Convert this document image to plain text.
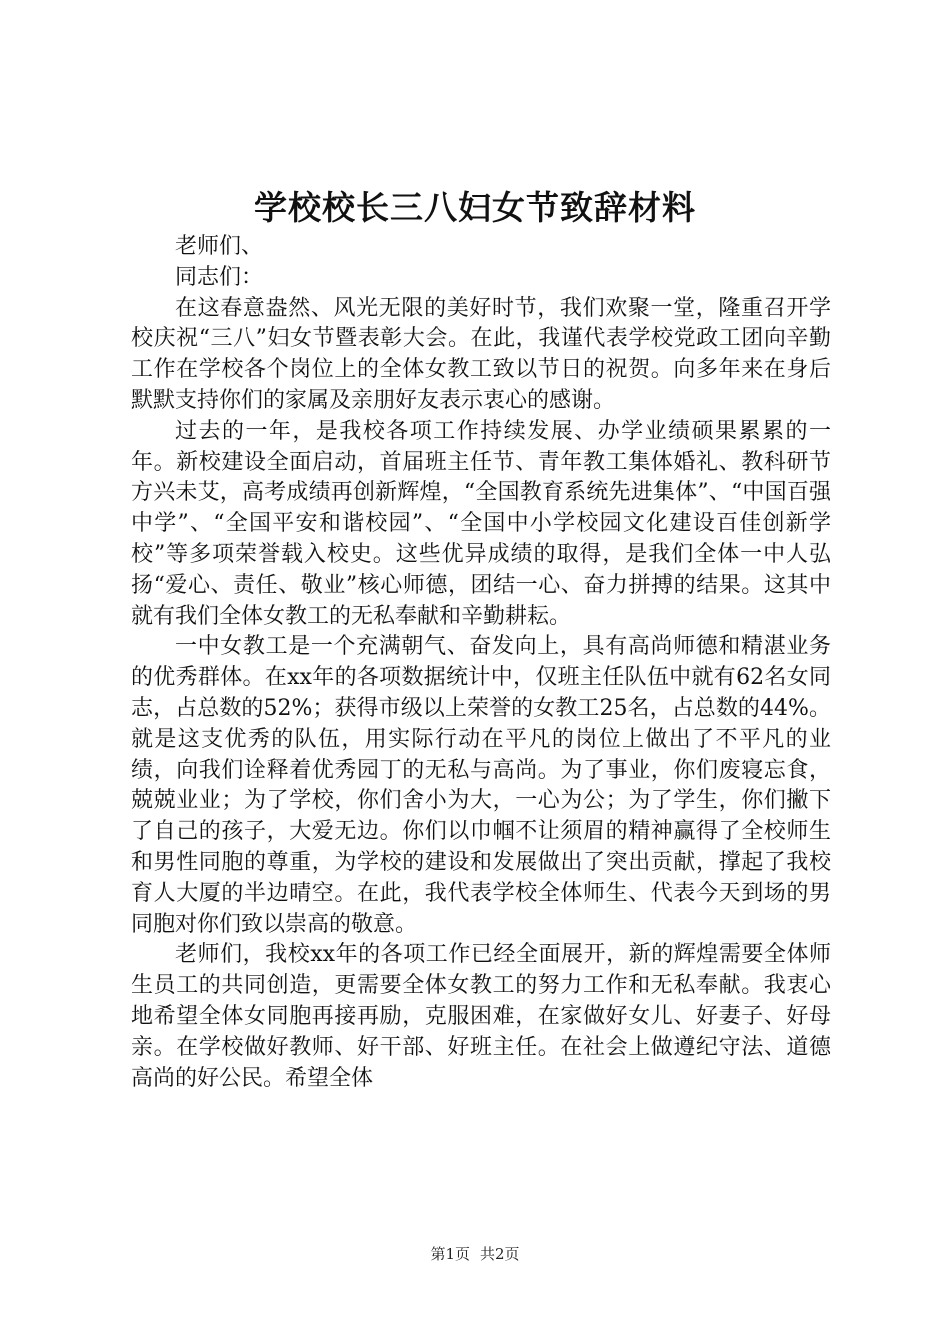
学校校长三八妇女节致辞材料

老师们、

同志们：

在这春意盎然、风光无限的美好时节，我们欢聚一堂，隆重召开学校庆祝“三八”妇女节暨表彰大会。在此，我谨代表学校党政工团向辛勤工作在学校各个岗位上的全体女教工致以节日的祝贺。向多年来在身后默默支持你们的家属及亲朋好友表示衷心的感谢。

过去的一年，是我校各项工作持续发展、办学业绩硕果累累的一年。新校建设全面启动，首届班主任节、青年教工集体婚礼、教科研节方兴未艾，高考成绩再创新辉煌，“全国教育系统先进集体”、“中国百强中学”、“全国平安和谐校园”、“全国中小学校园文化建设百佳创新学校”等多项荣誉载入校史。这些优异成绩的取得，是我们全体一中人弘扬“爱心、责任、敬业”核心师德，团结一心、奋力拼搏的结果。这其中就有我们全体女教工的无私奉献和辛勤耕耘。

一中女教工是一个充满朝气、奋发向上，具有高尚师德和精湛业务的优秀群体。在xx年的各项数据统计中，仅班主任队伍中就有62名女同志，占总数的52%；获得市级以上荣誉的女教工25名，占总数的44%。就是这支优秀的队伍，用实际行动在平凡的岗位上做出了不平凡的业绩，向我们诠释着优秀园丁的无私与高尚。为了事业，你们废寝忘食，兢兢业业；为了学校，你们舍小为大，一心为公；为了学生，你们撇下了自己的孩子，大爱无边。你们以巾帼不让须眉的精神赢得了全校师生和男性同胞的尊重，为学校的建设和发展做出了突出贡献，撑起了我校育人大厦的半边晴空。在此，我代表学校全体师生、代表今天到场的男同胞对你们致以崇高的敬意。

老师们，我校xx年的各项工作已经全面展开，新的辉煌需要全体师生员工的共同创造，更需要全体女教工的努力工作和无私奉献。我衷心地希望全体女同胞再接再励，克服困难，在家做好女儿、好妻子、好母亲。在学校做好教师、好干部、好班主任。在社会上做遵纪守法、道德高尚的好公民。希望全体

第1页 共2页
